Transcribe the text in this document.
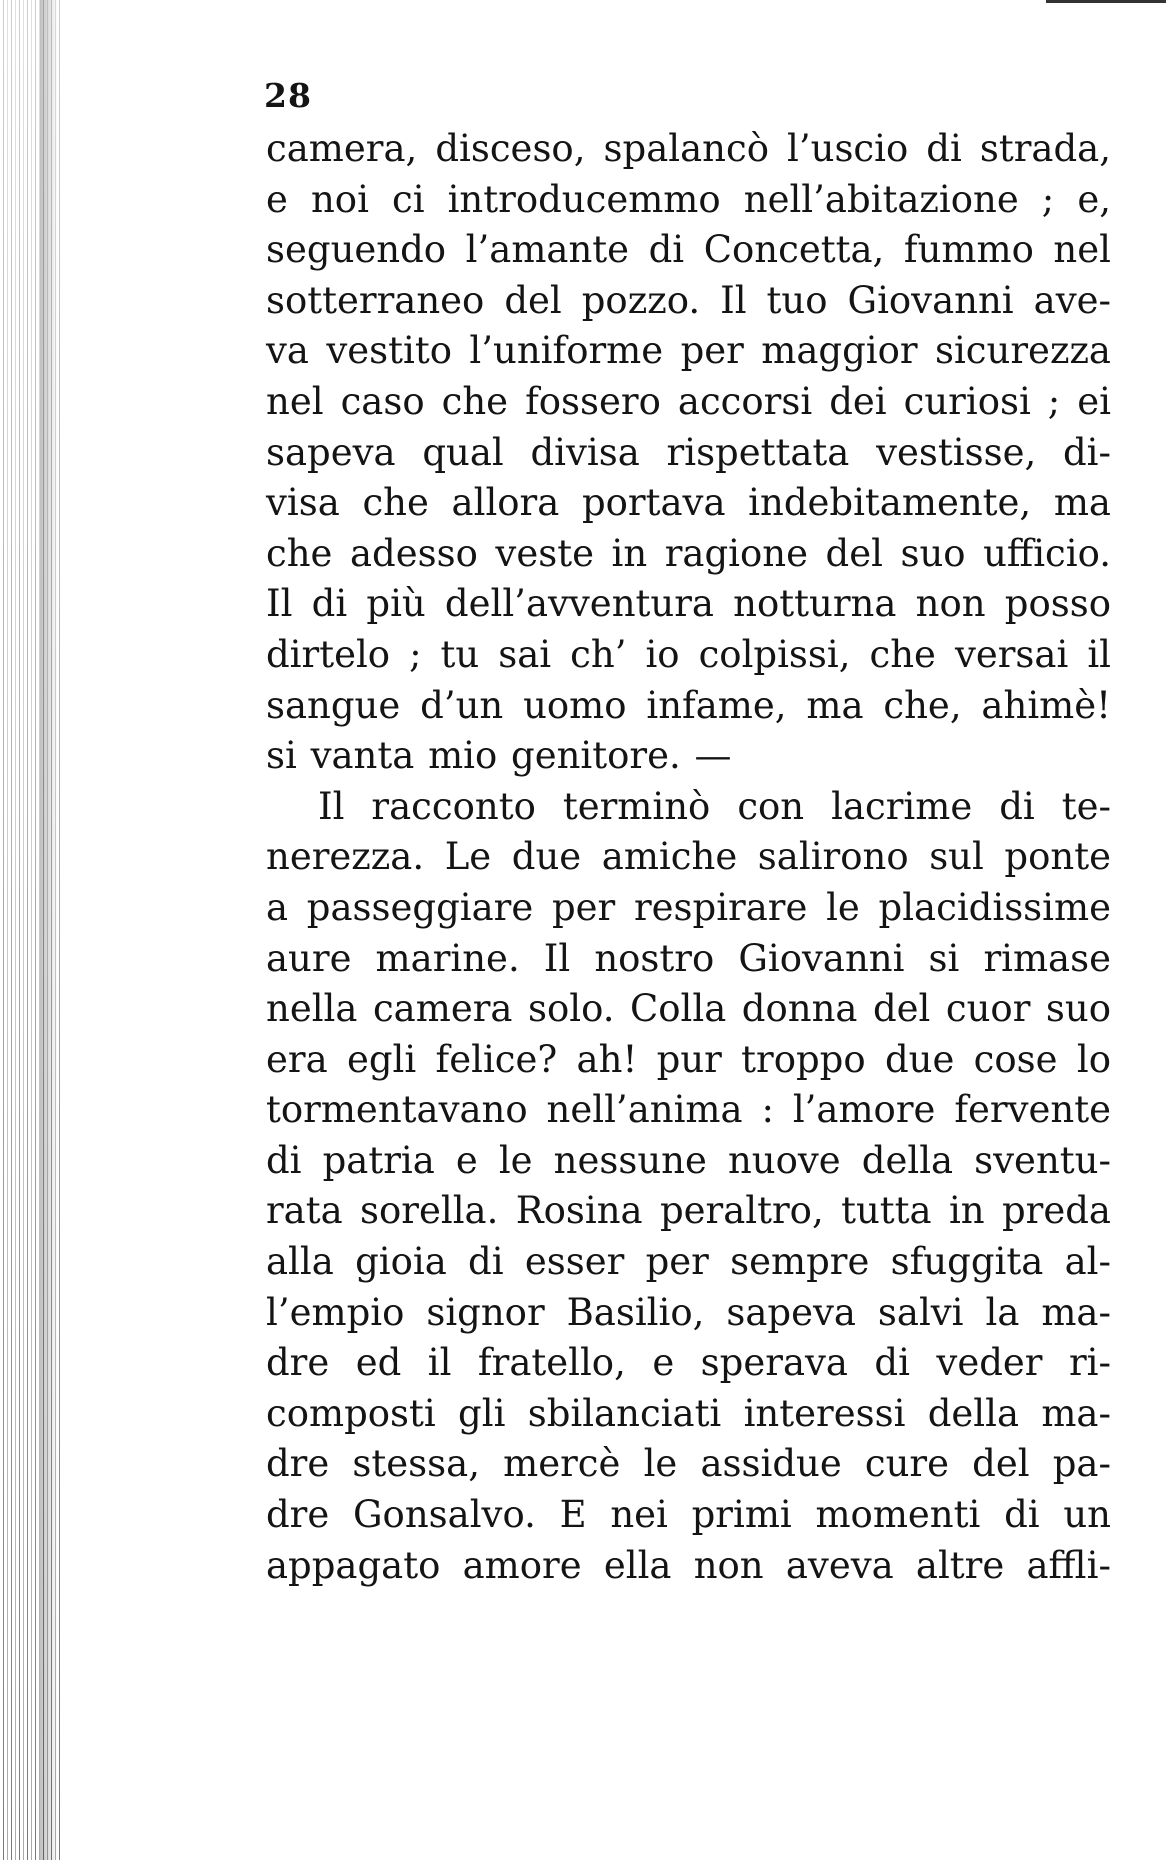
28
camera, disceso, spalancò l’uscio di strada,
e noi ci introducemmo nell’abitazione ; e,
seguendo l’amante di Concetta, fummo nel
sotterraneo del pozzo. Il tuo Giovanni ave-
va vestito l’uniforme per maggior sicurezza
nel caso che fossero accorsi dei curiosi ; ei
sapeva qual divisa rispettata vestisse, di-
visa che allora portava indebitamente, ma
che adesso veste in ragione del suo ufficio.
Il di più dell’avventura notturna non posso
dirtelo ; tu sai ch’ io colpissi, che versai il
sangue d’un uomo infame, ma che, ahimè!
si vanta mio genitore. —
Il racconto terminò con lacrime di te-
nerezza. Le due amiche salirono sul ponte
a passeggiare per respirare le placidissime
aure marine. Il nostro Giovanni si rimase
nella camera solo. Colla donna del cuor suo
era egli felice? ah! pur troppo due cose lo
tormentavano nell’anima : l’amore fervente
di patria e le nessune nuove della sventu-
rata sorella. Rosina peraltro, tutta in preda
alla gioia di esser per sempre sfuggita al-
l’empio signor Basilio, sapeva salvi la ma-
dre ed il fratello, e sperava di veder ri-
composti gli sbilanciati interessi della ma-
dre stessa, mercè le assidue cure del pa-
dre Gonsalvo. E nei primi momenti di un
appagato amore ella non aveva altre affli-
